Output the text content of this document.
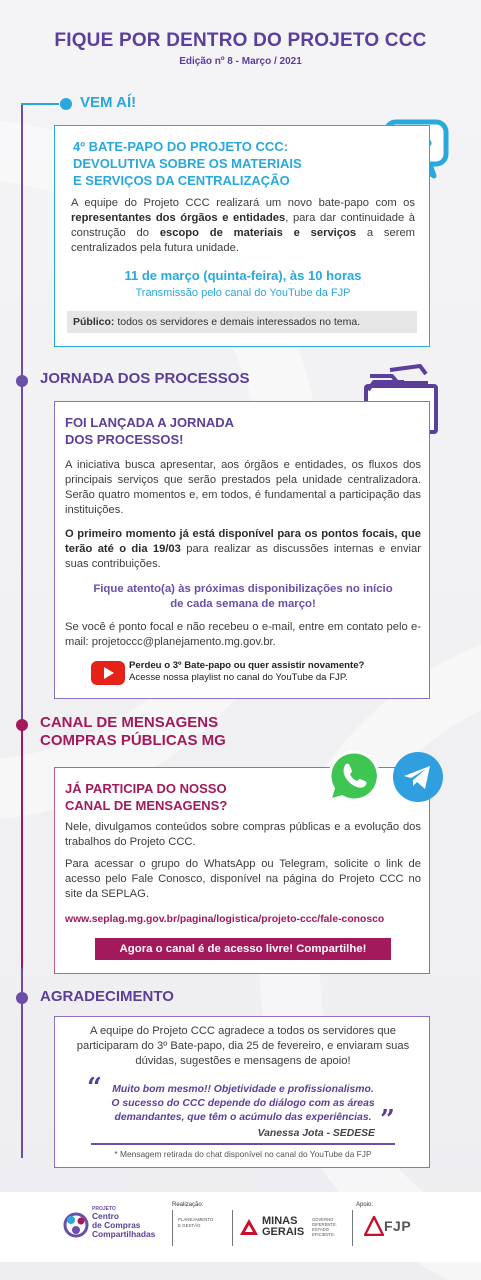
FIQUE POR DENTRO DO PROJETO CCC
Edição nº 8 - Março / 2021
VEM AÍ!
4º BATE-PAPO DO PROJETO CCC:
DEVOLUTIVA SOBRE OS MATERIAIS
E SERVIÇOS DA CENTRALIZAÇÃO
A equipe do Projeto CCC realizará um novo bate-papo com os representantes dos órgãos e entidades, para dar continuidade à construção do escopo de materiais e serviços a serem centralizados pela futura unidade.
11 de março (quinta-feira), às 10 horas
Transmissão pelo canal do YouTube da FJP
Público: todos os servidores e demais interessados no tema.
JORNADA DOS PROCESSOS
FOI LANÇADA A JORNADA
DOS PROCESSOS!
A iniciativa busca apresentar, aos órgãos e entidades, os fluxos dos principais serviços que serão prestados pela unidade centralizadora. Serão quatro momentos e, em todos, é fundamental a participação das instituições.
O primeiro momento já está disponível para os pontos focais, que terão até o dia 19/03 para realizar as discussões internas e enviar suas contribuições.
Fique atento(a) às próximas disponibilizações no início
de cada semana de março!
Se você é ponto focal e não recebeu o e-mail, entre em contato pelo e-mail: projetoccc@planejamento.mg.gov.br.
Perdeu o 3º Bate-papo ou quer assistir novamente?
Acesse nossa playlist no canal do YouTube da FJP.
CANAL DE MENSAGENS
COMPRAS PÚBLICAS MG
JÁ PARTICIPA DO NOSSO
CANAL DE MENSAGENS?
Nele, divulgamos conteúdos sobre compras públicas e a evolução dos trabalhos do Projeto CCC.
Para acessar o grupo do WhatsApp ou Telegram, solicite o link de acesso pelo Fale Conosco, disponível na página do Projeto CCC no site da SEPLAG.
www.seplag.mg.gov.br/pagina/logistica/projeto-ccc/fale-conosco
Agora o canal é de acesso livre! Compartilhe!
AGRADECIMENTO
A equipe do Projeto CCC agradece a todos os servidores que participaram do 3º Bate-papo, dia 25 de fevereiro, e enviaram suas dúvidas, sugestões e mensagens de apoio!
“ Muito bom mesmo!! Objetividade e profissionalismo.
O sucesso do CCC depende do diálogo com as áreas
demandantes, que têm o acúmulo das experiências. ”
Vanessa Jota - SEDESE
* Mensagem retirada do chat disponível no canal do YouTube da FJP
PROJETO
Centro
de Compras
Compartilhadas
Realização:
PLANEJAMENTO
E GESTÃO	MINAS
GERAIS
GOVERNO
DIFERENTE.
ESTADO
EFICIENTE.
Apoio:
FJP
